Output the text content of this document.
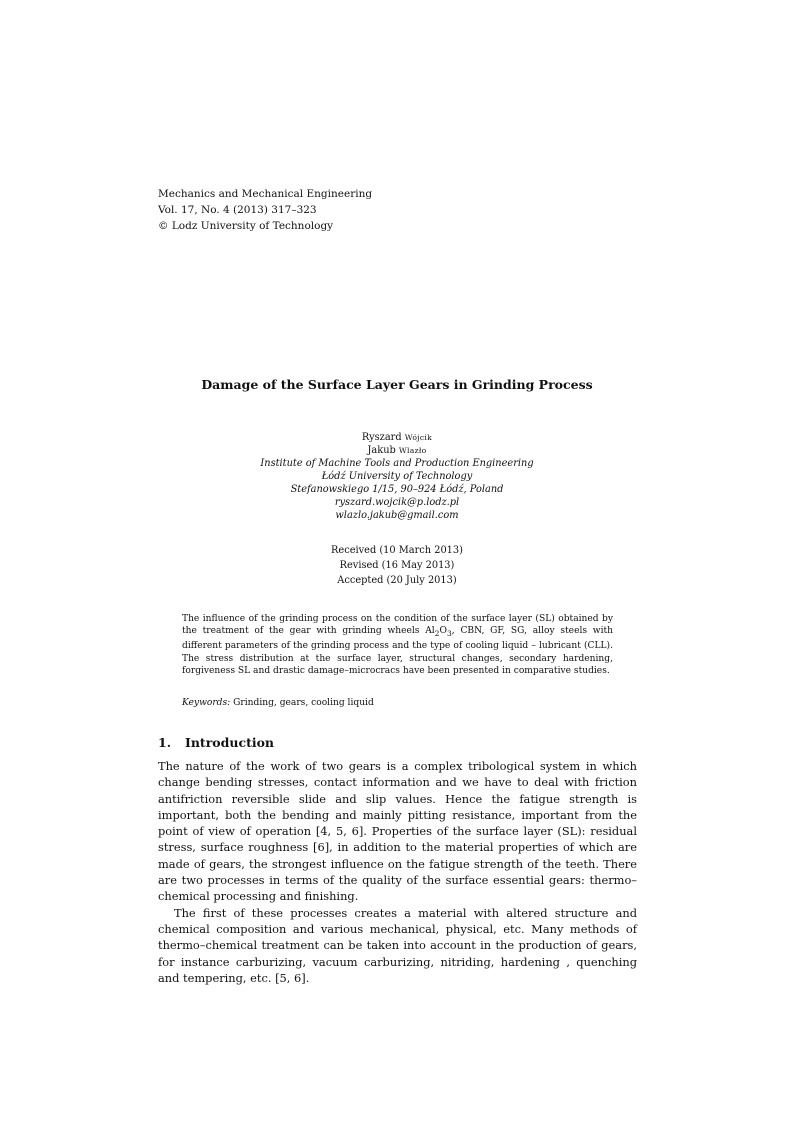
Mechanics and Mechanical Engineering
Vol. 17, No. 4 (2013) 317–323
© Lodz University of Technology
Damage of the Surface Layer Gears in Grinding Process
Ryszard Wójcik
Jakub Wlazło
Institute of Machine Tools and Production Engineering
Łódź University of Technology
Stefanowskiego 1/15, 90–924 Łódź, Poland
ryszard.wojcik@p.lodz.pl
wlazlo.jakub@gmail.com
Received (10 March 2013)
Revised (16 May 2013)
Accepted (20 July 2013)
The influence of the grinding process on the condition of the surface layer (SL) obtained by the treatment of the gear with grinding wheels $Al_2O_3$, CBN, GF, SG, alloy steels with different parameters of the grinding process and the type of cooling liquid – lubricant (CLL). The stress distribution at the surface layer, structural changes, secondary hardening, forgiveness SL and drastic damage–microcracs have been presented in comparative studies.
Keywords: Grinding, gears, cooling liquid
1. Introduction

The nature of the work of two gears is a complex tribological system in which change bending stresses, contact information and we have to deal with friction antifriction reversible slide and slip values. Hence the fatigue strength is important, both the bending and mainly pitting resistance, important from the point of view of operation [4, 5, 6]. Properties of the surface layer (SL): residual stress, surface roughness [6], in addition to the material properties of which are made of gears, the strongest influence on the fatigue strength of the teeth. There are two processes in terms of the quality of the surface essential gears: thermo–chemical processing and finishing.

The first of these processes creates a material with altered structure and chemical composition and various mechanical, physical, etc. Many methods of thermo–chemical treatment can be taken into account in the production of gears, for instance carburizing, vacuum carburizing, nitriding, hardening , quenching and tempering, etc. [5, 6].
